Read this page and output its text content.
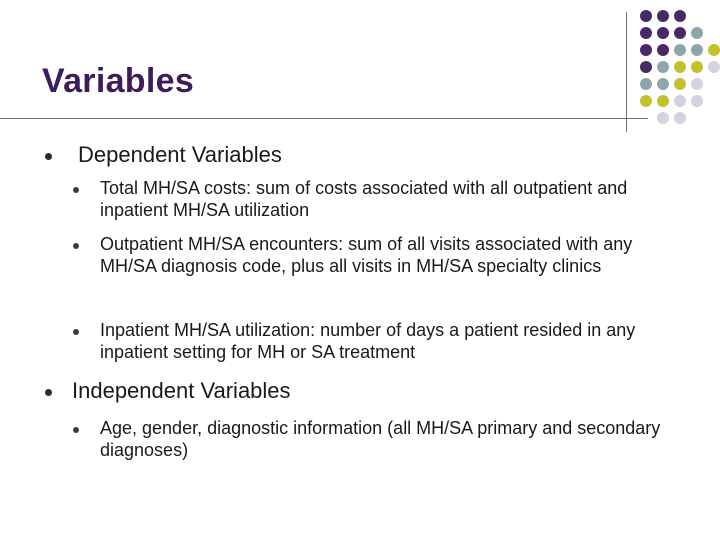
Variables
Dependent Variables
Total MH/SA costs: sum of costs associated with all outpatient and inpatient MH/SA utilization
Outpatient MH/SA encounters: sum of all visits associated with any MH/SA diagnosis code, plus all visits in MH/SA specialty clinics
Inpatient MH/SA utilization: number of days a patient resided in any inpatient setting for MH or SA treatment
Independent Variables
Age, gender, diagnostic information (all MH/SA primary and secondary diagnoses)
